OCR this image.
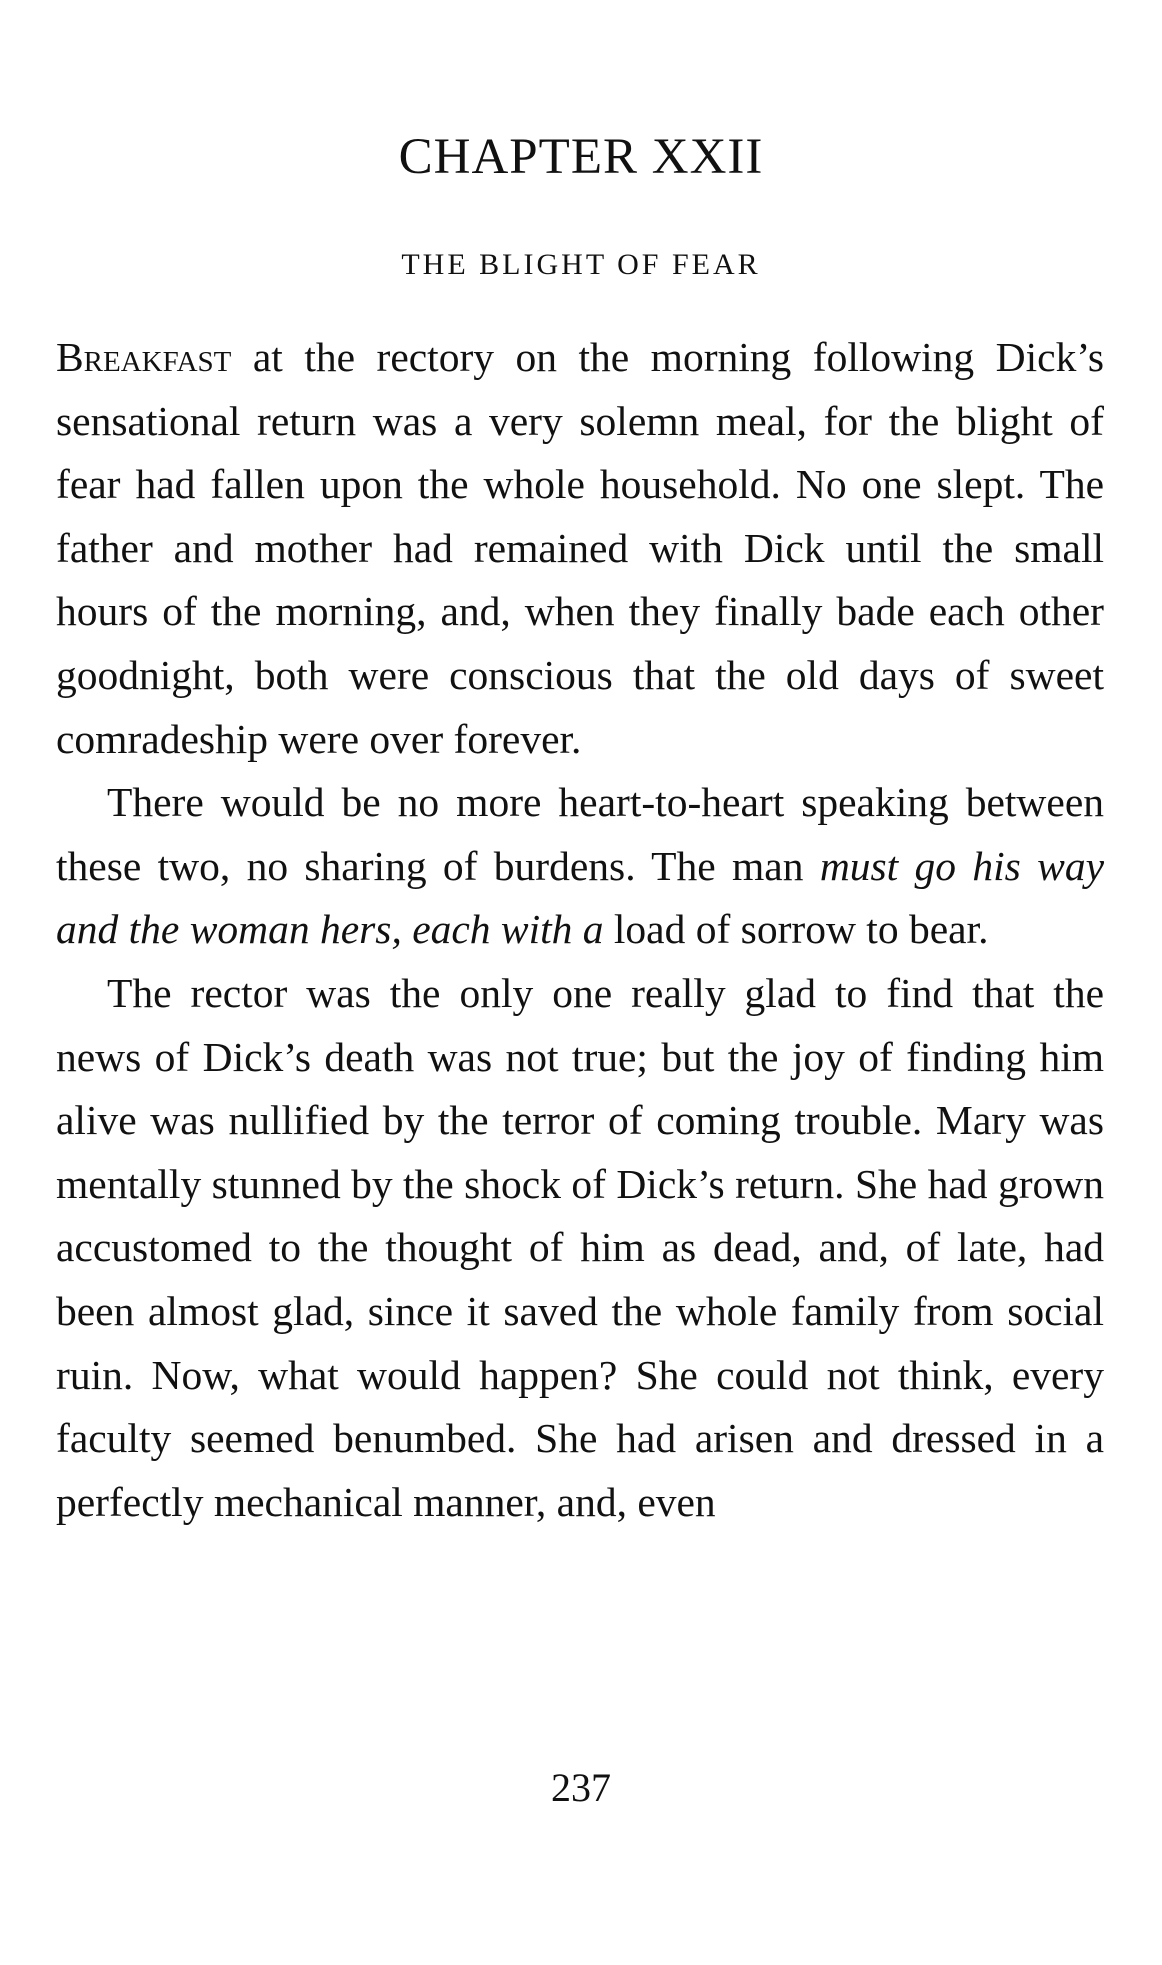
CHAPTER XXII
THE BLIGHT OF FEAR

Breakfast at the rectory on the morning following Dick’s sensational return was a very solemn meal, for the blight of fear had fallen upon the whole household. No one slept. The father and mother had remained with Dick until the small hours of the morning, and, when they finally bade each other goodnight, both were conscious that the old days of sweet comradeship were over forever.

There would be no more heart-to-heart speaking between these two, no sharing of burdens. The man must go his way and the woman hers, each with a load of sorrow to bear.

The rector was the only one really glad to find that the news of Dick’s death was not true; but the joy of finding him alive was nullified by the terror of coming trouble. Mary was mentally stunned by the shock of Dick’s return. She had grown accustomed to the thought of him as dead, and, of late, had been almost glad, since it saved the whole family from social ruin. Now, what would happen? She could not think, every faculty seemed benumbed. She had arisen and dressed in a perfectly mechanical manner, and, even

237
